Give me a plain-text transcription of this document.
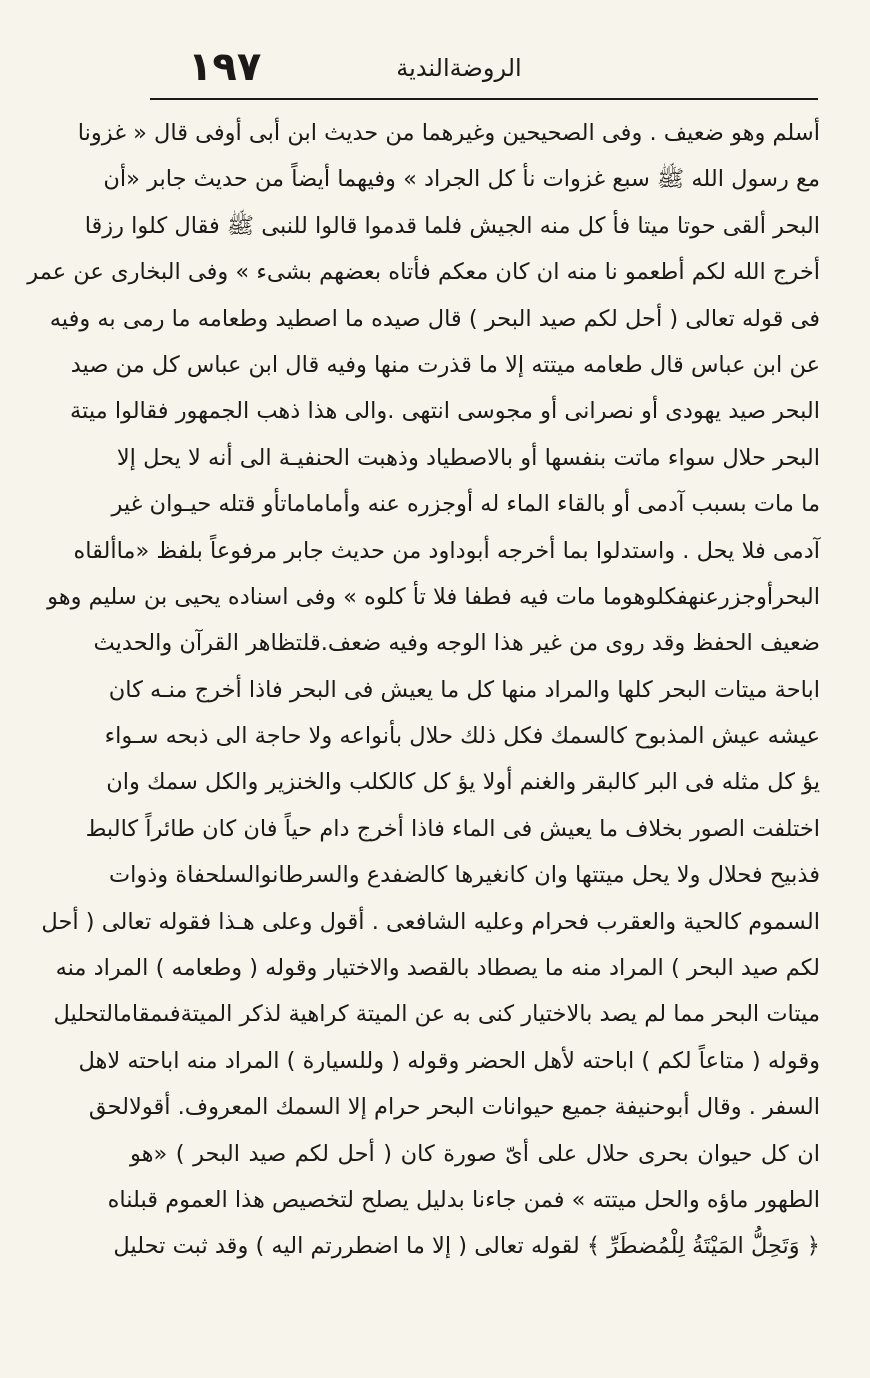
١٩٧	الروضةالندية
أسلم وهو ضعيف . وفى الصحيحين وغيرهما من حديث ابن أبى أوفى قال « غزونا
مع رسول الله ﷺ سبع غزوات نأ كل الجراد » وفيهما أيضاً من حديث جابر «أن
البحر ألقى حوتا ميتا فأ كل منه الجيش فلما قدموا قالوا للنبى ﷺ فقال كلوا رزقا
أخرج الله لكم أطعمو نا منه ان كان معكم فأتاه بعضهم بشىء » وفى البخارى عن عمر
فى قوله تعالى ( أحل لكم صيد البحر ) قال صيده ما اصطيد وطعامه ما رمى به وفيه
عن ابن عباس قال طعامه ميتته إلا ما قذرت منها وفيه قال ابن عباس كل من صيد
البحر صيد يهودى أو نصرانى أو مجوسى انتهى .والى هذا ذهب الجمهور فقالوا ميتة
البحر حلال سواء ماتت بنفسها أو بالاصطياد وذهبت الحنفيـة الى أنه لا يحل إلا
ما مات بسبب آدمى أو بالقاء الماء له أوجزره عنه وأماماماتأو قتله حيـوان غير
آدمى فلا يحل . واستدلوا بما أخرجه أبوداود من حديث جابر مرفوعاً بلفظ «ماألقاه
البحرأوجزرعنهفكلوهوما مات فيه فطفا فلا تأ كلوه » وفى اسناده يحيى بن سليم وهو
ضعيف الحفظ وقد روى من غير هذا الوجه وفيه ضعف.قلتظاهر القرآن والحديث
اباحة ميتات البحر كلها والمراد منها كل ما يعيش فى البحر فاذا أخرج منـه كان
عيشه عيش المذبوح كالسمك فكل ذلك حلال بأنواعه ولا حاجة الى ذبحه سـواء
يؤ كل مثله فى البر كالبقر والغنم أولا يؤ كل كالكلب والخنزير والكل سمك وان
اختلفت الصور بخلاف ما يعيش فى الماء فاذا أخرج دام حياً فان كان طائراً كالبط
فذبيح فحلال ولا يحل ميتتها وان كانغيرها كالضفدع والسرطانوالسلحفاة وذوات
السموم كالحية والعقرب فحرام وعليه الشافعى . أقول وعلى هـذا فقوله تعالى ( أحل
لكم صيد البحر ) المراد منه ما يصطاد بالقصد والاختيار وقوله ( وطعامه ) المراد منه
ميتات البحر مما لم يصد بالاختيار كنى به عن الميتة كراهية لذكر الميتةفىمقامالتحليل
وقوله ( متاعاً لكم ) اباحته لأهل الحضر وقوله ( وللسيارة ) المراد منه اباحته لاهل
السفر . وقال أبوحنيفة جميع حيوانات البحر حرام إلا السمك المعروف. أقولالحق
ان كل حيوان بحرى حلال على أىّ صورة كان ( أحل لكم صيد البحر ) «هو
الطهور ماؤه والحل ميتته » فمن جاءنا بدليل يصلح لتخصيص هذا العموم قبلناه
﴿ وَتَحِلُّ المَيْتَةُ لِلْمُضطَرِّ ﴾ لقوله تعالى ( إلا ما اضطررتم اليه ) وقد ثبت تحليل
